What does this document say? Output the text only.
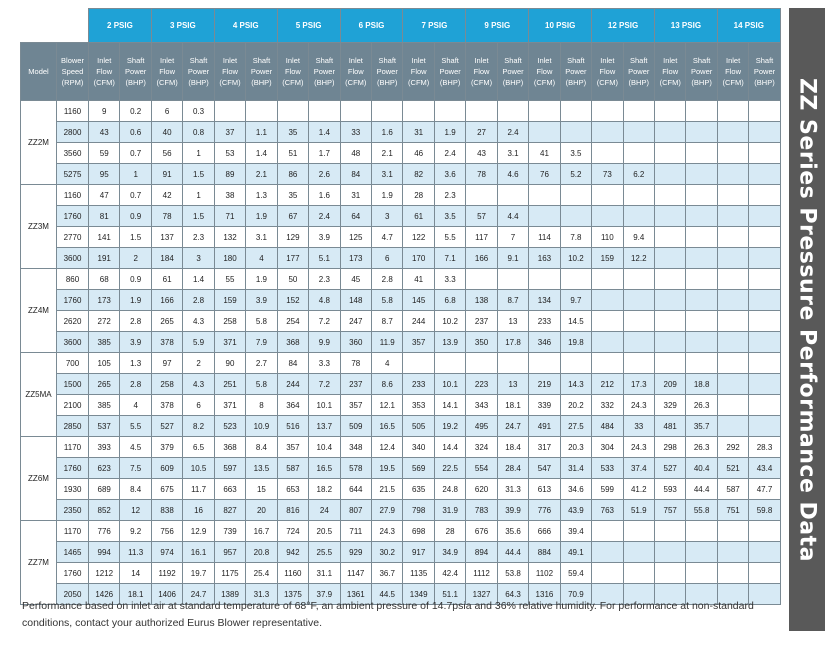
		2 PSIG		3 PSIG		4 PSIG		5 PSIG		6 PSIG		7 PSIG		9 PSIG		10 PSIG		12 PSIG		13 PSIG		14 PSIG	
Model	Blower Speed (RPM)	Inlet Flow (CFM)	Shaft Power (BHP)	Inlet Flow (CFM)	Shaft Power (BHP)	Inlet Flow (CFM)	Shaft Power (BHP)	Inlet Flow (CFM)	Shaft Power (BHP)	Inlet Flow (CFM)	Shaft Power (BHP)	Inlet Flow (CFM)	Shaft Power (BHP)	Inlet Flow (CFM)	Shaft Power (BHP)	Inlet Flow (CFM)	Shaft Power (BHP)	Inlet Flow (CFM)	Shaft Power (BHP)	Inlet Flow (CFM)	Shaft Power (BHP)	Inlet Flow (CFM)	Shaft Power (BHP)
ZZ2M	1160	9	0.2	6	0.3																		
	2800	43	0.6	40	0.8	37	1.1	35	1.4	33	1.6	31	1.9	27	2.4								
	3560	59	0.7	56	1	53	1.4	51	1.7	48	2.1	46	2.4	43	3.1	41	3.5						
	5275	95	1	91	1.5	89	2.1	86	2.6	84	3.1	82	3.6	78	4.6	76	5.2	73	6.2				
ZZ3M	1160	47	0.7	42	1	38	1.3	35	1.6	31	1.9	28	2.3										
	1760	81	0.9	78	1.5	71	1.9	67	2.4	64	3	61	3.5	57	4.4								
	2770	141	1.5	137	2.3	132	3.1	129	3.9	125	4.7	122	5.5	117	7	114	7.8	110	9.4				
	3600	191	2	184	3	180	4	177	5.1	173	6	170	7.1	166	9.1	163	10.2	159	12.2				
ZZ4M	860	68	0.9	61	1.4	55	1.9	50	2.3	45	2.8	41	3.3										
	1760	173	1.9	166	2.8	159	3.9	152	4.8	148	5.8	145	6.8	138	8.7	134	9.7						
	2620	272	2.8	265	4.3	258	5.8	254	7.2	247	8.7	244	10.2	237	13	233	14.5						
	3600	385	3.9	378	5.9	371	7.9	368	9.9	360	11.9	357	13.9	350	17.8	346	19.8						
ZZ5MA	700	105	1.3	97	2	90	2.7	84	3.3	78	4												
	1500	265	2.8	258	4.3	251	5.8	244	7.2	237	8.6	233	10.1	223	13	219	14.3	212	17.3	209	18.8		
	2100	385	4	378	6	371	8	364	10.1	357	12.1	353	14.1	343	18.1	339	20.2	332	24.3	329	26.3		
	2850	537	5.5	527	8.2	523	10.9	516	13.7	509	16.5	505	19.2	495	24.7	491	27.5	484	33	481	35.7		
ZZ6M	1170	393	4.5	379	6.5	368	8.4	357	10.4	348	12.4	340	14.4	324	18.4	317	20.3	304	24.3	298	26.3	292	28.3
	1760	623	7.5	609	10.5	597	13.5	587	16.5	578	19.5	569	22.5	554	28.4	547	31.4	533	37.4	527	40.4	521	43.4
	1930	689	8.4	675	11.7	663	15	653	18.2	644	21.5	635	24.8	620	31.3	613	34.6	599	41.2	593	44.4	587	47.7
	2350	852	12	838	16	827	20	816	24	807	27.9	798	31.9	783	39.9	776	43.9	763	51.9	757	55.8	751	59.8
ZZ7M	1170	776	9.2	756	12.9	739	16.7	724	20.5	711	24.3	698	28	676	35.6	666	39.4						
	1465	994	11.3	974	16.1	957	20.8	942	25.5	929	30.2	917	34.9	894	44.4	884	49.1						
	1760	1212	14	1192	19.7	1175	25.4	1160	31.1	1147	36.7	1135	42.4	1112	53.8	1102	59.4						
	2050	1426	18.1	1406	24.7	1389	31.3	1375	37.9	1361	44.5	1349	51.1	1327	64.3	1316	70.9						
Performance based on inlet air at standard temperature of 68°F, an ambient pressure of 14.7psia and 36% relative humidity. For performance at non-standard conditions, contact your authorized Eurus Blower representative.
ZZ Series Pressure Performance Data
